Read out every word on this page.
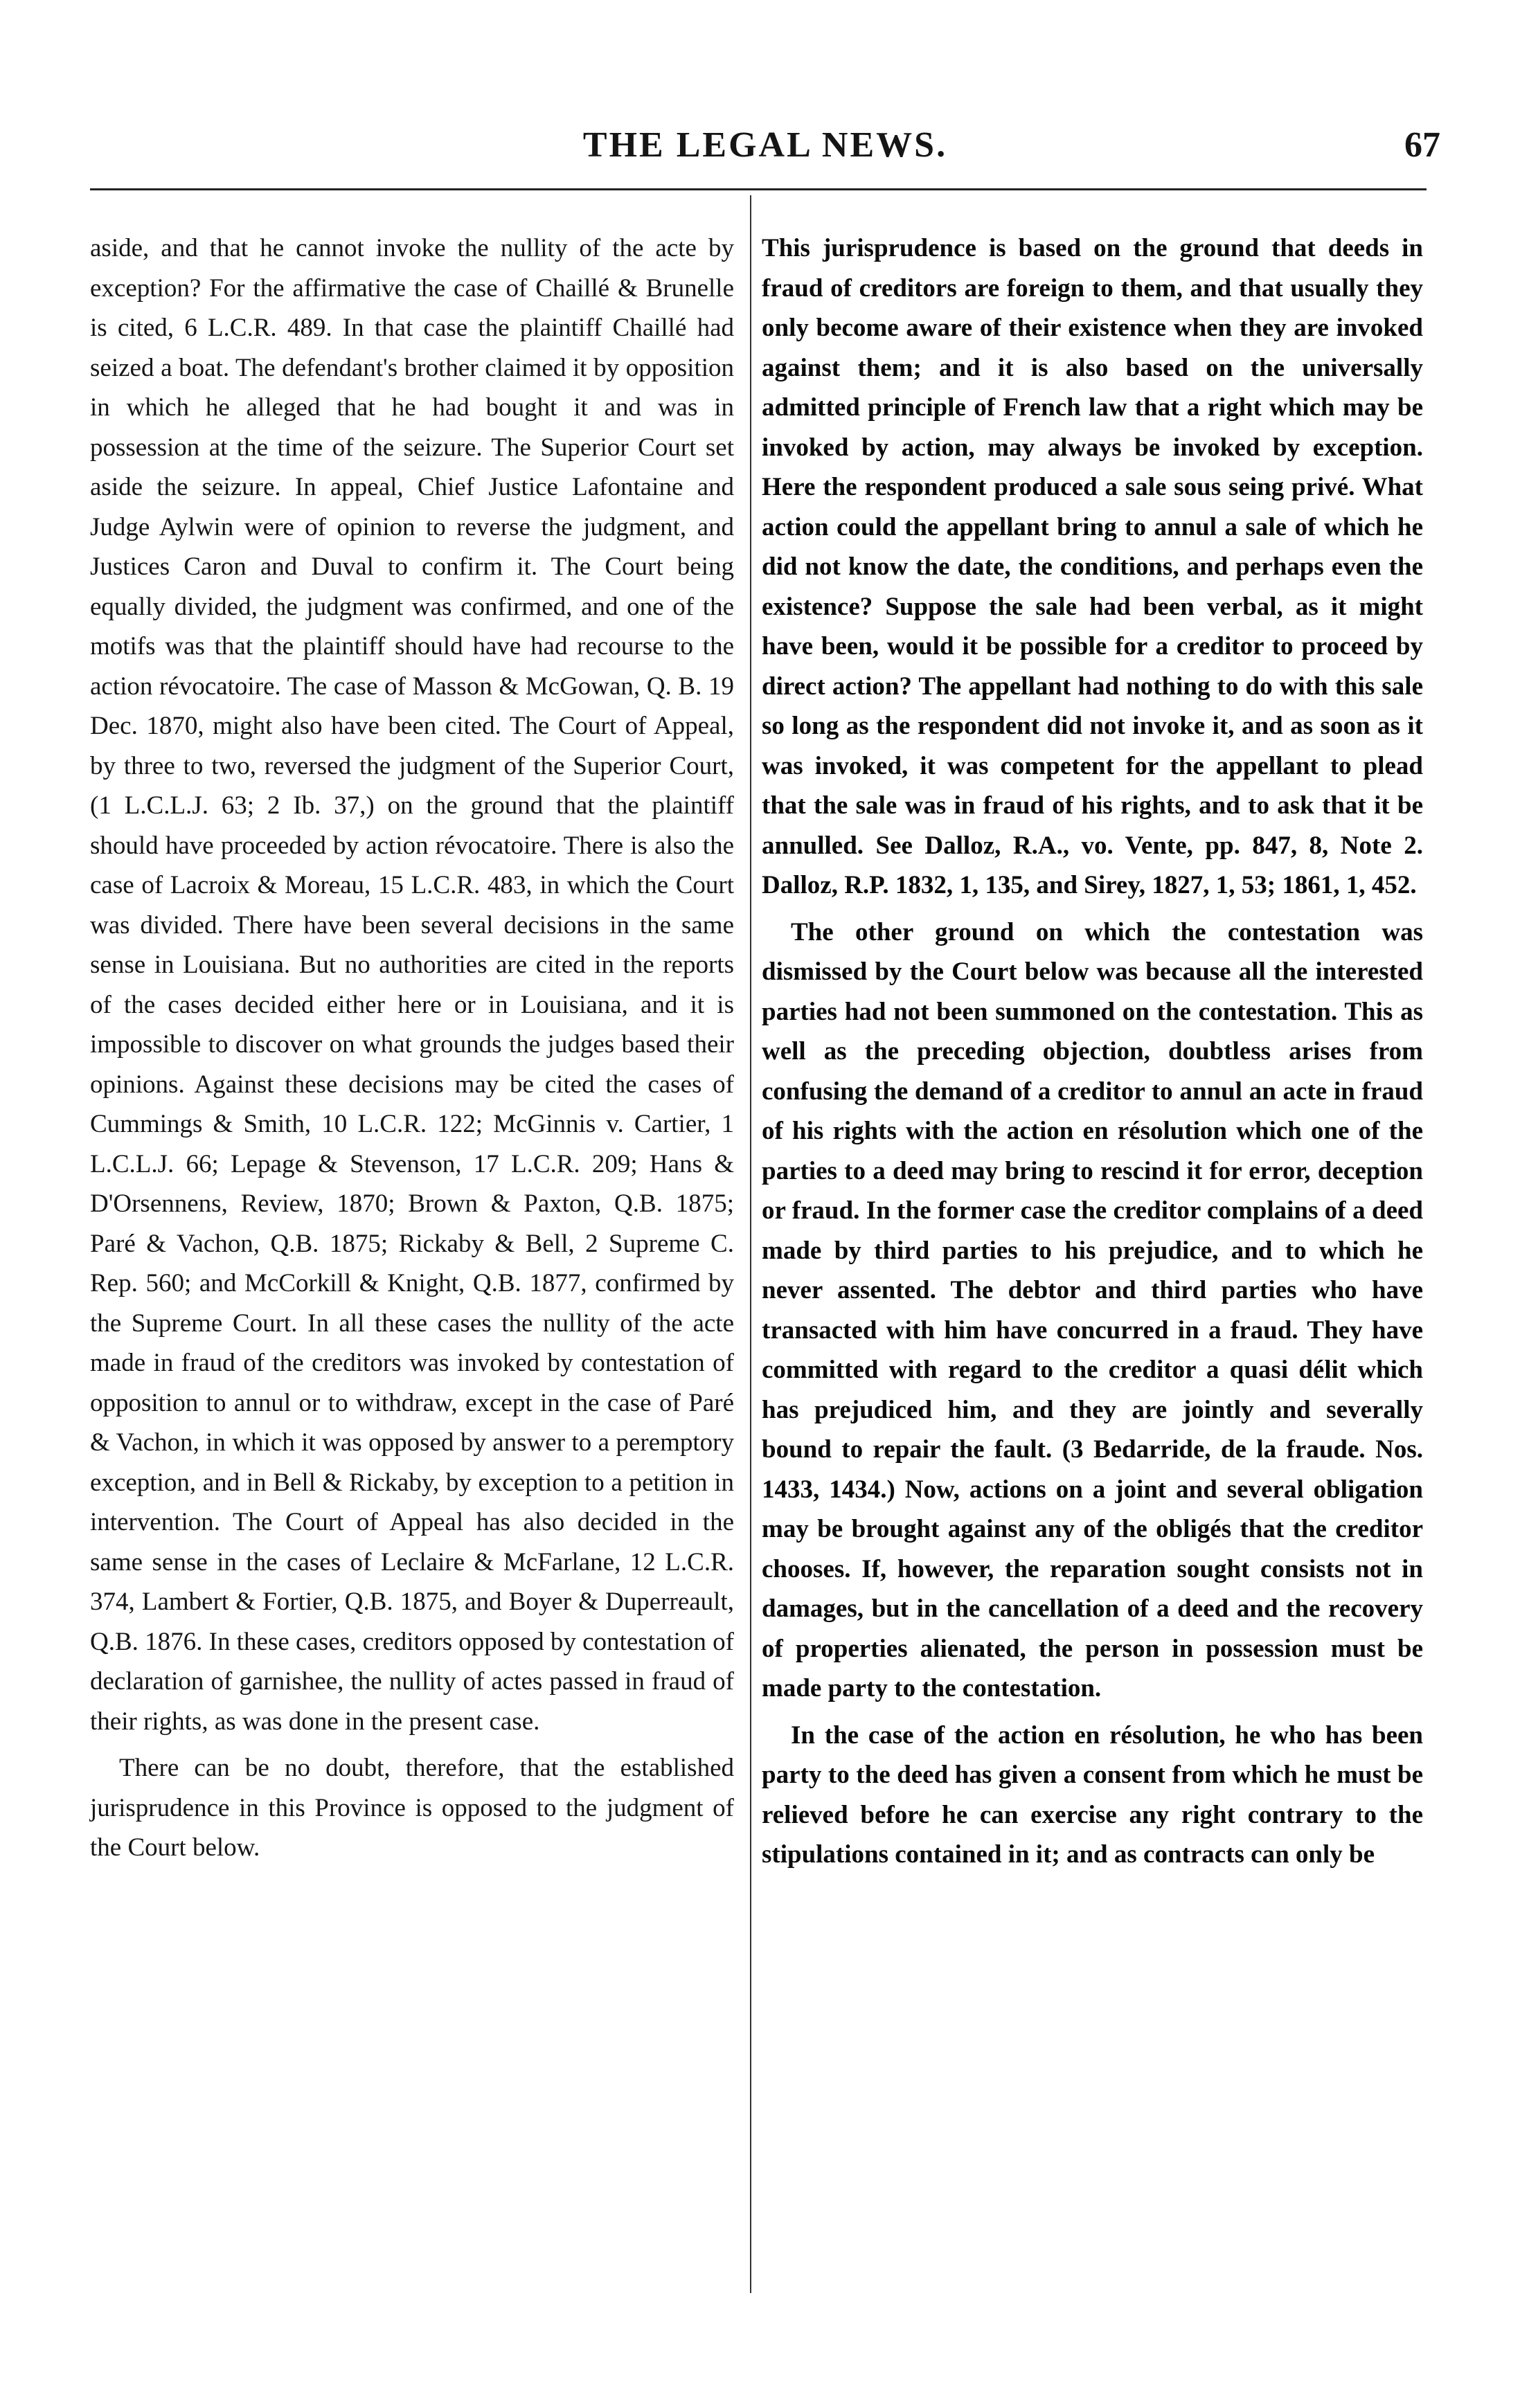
THE LEGAL NEWS.	67

aside, and that he cannot invoke the nullity of the acte by exception? For the affirmative the case of Chaillé & Brunelle is cited, 6 L.C.R. 489. In that case the plaintiff Chaillé had seized a boat. The defendant's brother claimed it by opposition in which he alleged that he had bought it and was in possession at the time of the seizure. The Superior Court set aside the seizure. In appeal, Chief Justice Lafontaine and Judge Aylwin were of opinion to reverse the judgment, and Justices Caron and Duval to confirm it. The Court being equally divided, the judgment was confirmed, and one of the motifs was that the plaintiff should have had recourse to the action révocatoire. The case of Masson & McGowan, Q. B. 19 Dec. 1870, might also have been cited. The Court of Appeal, by three to two, reversed the judgment of the Superior Court, (1 L.C.L.J. 63; 2 Ib. 37,) on the ground that the plaintiff should have proceeded by action révocatoire. There is also the case of Lacroix & Moreau, 15 L.C.R. 483, in which the Court was divided. There have been several decisions in the same sense in Louisiana. But no authorities are cited in the reports of the cases decided either here or in Louisiana, and it is impossible to discover on what grounds the judges based their opinions. Against these decisions may be cited the cases of Cummings & Smith, 10 L.C.R. 122; McGinnis v. Cartier, 1 L.C.L.J. 66; Lepage & Stevenson, 17 L.C.R. 209; Hans & D'Orsennens, Review, 1870; Brown & Paxton, Q.B. 1875; Paré & Vachon, Q.B. 1875; Rickaby & Bell, 2 Supreme C. Rep. 560; and McCorkill & Knight, Q.B. 1877, confirmed by the Supreme Court. In all these cases the nullity of the acte made in fraud of the creditors was invoked by contestation of opposition to annul or to withdraw, except in the case of Paré & Vachon, in which it was opposed by answer to a peremptory exception, and in Bell & Rickaby, by exception to a petition in intervention. The Court of Appeal has also decided in the same sense in the cases of Leclaire & McFarlane, 12 L.C.R. 374, Lambert & Fortier, Q.B. 1875, and Boyer & Duperreault, Q.B. 1876. In these cases, creditors opposed by contestation of declaration of garnishee, the nullity of actes passed in fraud of their rights, as was done in the present case.

There can be no doubt, therefore, that the established jurisprudence in this Province is opposed to the judgment of the Court below.

This jurisprudence is based on the ground that deeds in fraud of creditors are foreign to them, and that usually they only become aware of their existence when they are invoked against them; and it is also based on the universally admitted principle of French law that a right which may be invoked by action, may always be invoked by exception. Here the respondent produced a sale sous seing privé. What action could the appellant bring to annul a sale of which he did not know the date, the conditions, and perhaps even the existence? Suppose the sale had been verbal, as it might have been, would it be possible for a creditor to proceed by direct action? The appellant had nothing to do with this sale so long as the respondent did not invoke it, and as soon as it was invoked, it was competent for the appellant to plead that the sale was in fraud of his rights, and to ask that it be annulled. See Dalloz, R.A., vo. Vente, pp. 847, 8, Note 2. Dalloz, R.P. 1832, 1, 135, and Sirey, 1827, 1, 53; 1861, 1, 452.

The other ground on which the contestation was dismissed by the Court below was because all the interested parties had not been summoned on the contestation. This as well as the preceding objection, doubtless arises from confusing the demand of a creditor to annul an acte in fraud of his rights with the action en résolution which one of the parties to a deed may bring to rescind it for error, deception or fraud. In the former case the creditor complains of a deed made by third parties to his prejudice, and to which he never assented. The debtor and third parties who have transacted with him have concurred in a fraud. They have committed with regard to the creditor a quasi délit which has prejudiced him, and they are jointly and severally bound to repair the fault. (3 Bedarride, de la fraude. Nos. 1433, 1434.) Now, actions on a joint and several obligation may be brought against any of the obligés that the creditor chooses. If, however, the reparation sought consists not in damages, but in the cancellation of a deed and the recovery of properties alienated, the person in possession must be made party to the contestation.

In the case of the action en résolution, he who has been party to the deed has given a consent from which he must be relieved before he can exercise any right contrary to the stipulations contained in it; and as contracts can only be
